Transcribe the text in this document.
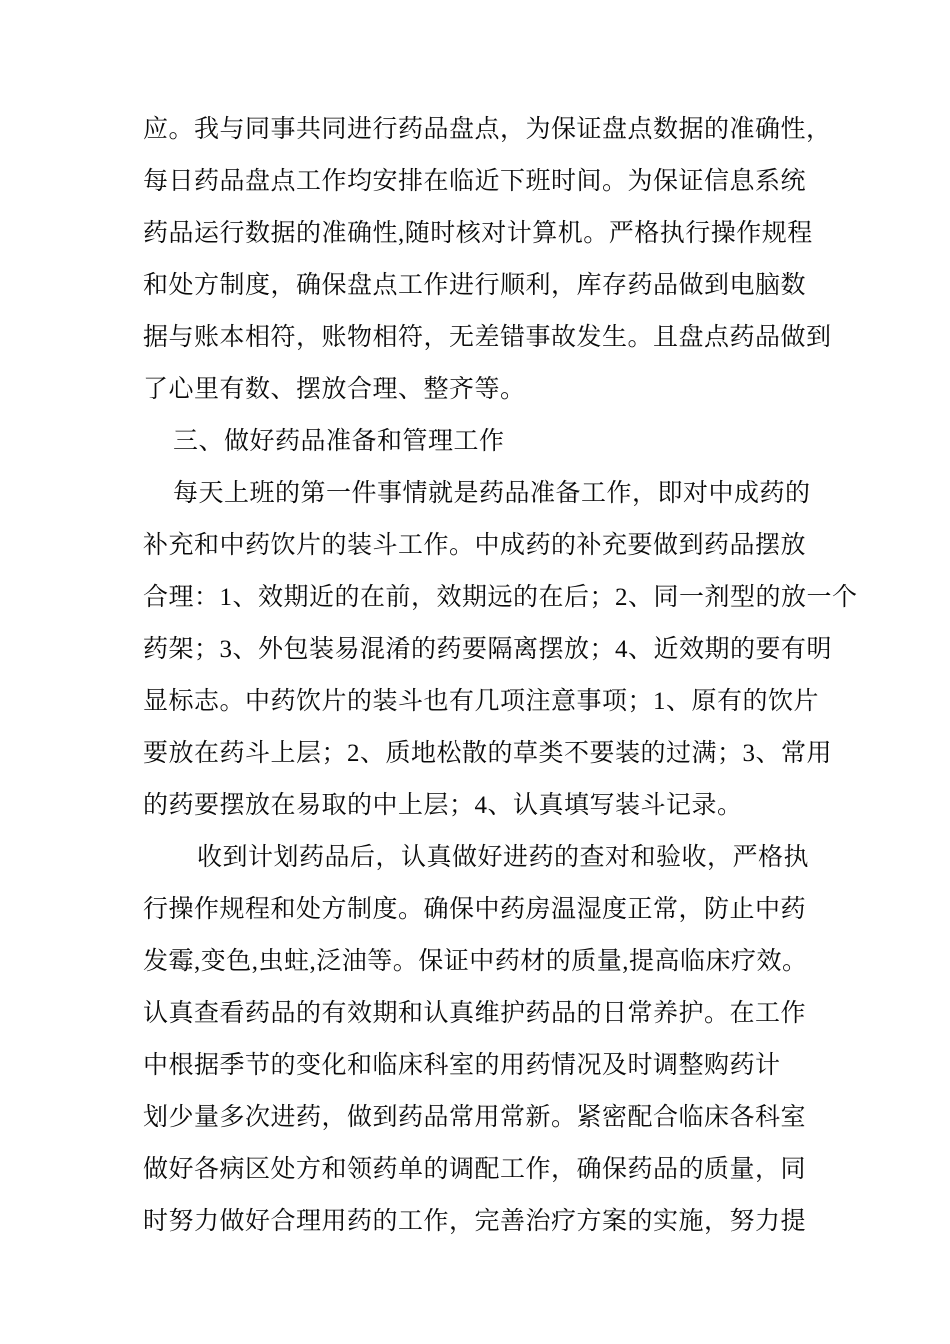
应。我与同事共同进行药品盘点，为保证盘点数据的准确性，
每日药品盘点工作均安排在临近下班时间。为保证信息系统
药品运行数据的准确性,随时核对计算机。严格执行操作规程
和处方制度，确保盘点工作进行顺利，库存药品做到电脑数
据与账本相符，账物相符，无差错事故发生。且盘点药品做到
了心里有数、摆放合理、整齐等。
三、做好药品准备和管理工作
每天上班的第一件事情就是药品准备工作，即对中成药的
补充和中药饮片的装斗工作。中成药的补充要做到药品摆放
合理：1、效期近的在前，效期远的在后；2、同一剂型的放一个
药架；3、外包装易混淆的药要隔离摆放；4、近效期的要有明
显标志。中药饮片的装斗也有几项注意事项；1、原有的饮片
要放在药斗上层；2、质地松散的草类不要装的过满；3、常用
的药要摆放在易取的中上层；4、认真填写装斗记录。
收到计划药品后，认真做好进药的查对和验收，严格执
行操作规程和处方制度。确保中药房温湿度正常，防止中药
发霉,变色,虫蛀,泛油等。保证中药材的质量,提高临床疗效。
认真查看药品的有效期和认真维护药品的日常养护。在工作
中根据季节的变化和临床科室的用药情况及时调整购药计
划少量多次进药，做到药品常用常新。紧密配合临床各科室
做好各病区处方和领药单的调配工作，确保药品的质量，同
时努力做好合理用药的工作，完善治疗方案的实施，努力提
